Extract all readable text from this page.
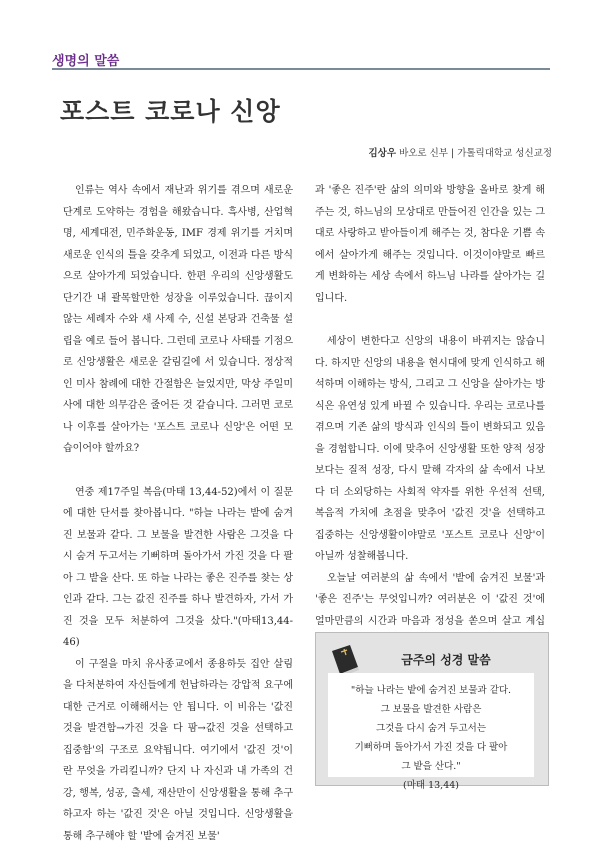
생명의 말씀
포스트 코로나 신앙
김상우 바오로 신부 | 가톨릭대학교 성신교정

인류는 역사 속에서 재난과 위기를 겪으며 새로운 단계로 도약하는 경험을 해왔습니다. 흑사병, 산업혁명, 세계대전, 민주화운동, IMF 경제 위기를 거치며 새로운 인식의 틀을 갖추게 되었고, 이전과 다른 방식으로 살아가게 되었습니다. 한편 우리의 신앙생활도 단기간 내 괄목할만한 성장을 이루었습니다. 끊이지 않는 세례자 수와 새 사제 수, 신설 본당과 건축물 설립을 예로 들어 봅니다. 그런데 코로나 사태를 기점으로 신앙생활은 새로운 갈림길에 서 있습니다. 정상적인 미사 참례에 대한 간절함은 늘었지만, 막상 주일미사에 대한 의무감은 줄어든 것 같습니다. 그러면 코로나 이후를 살아가는 '포스트 코로나 신앙'은 어떤 모습이어야 할까요?

연중 제17주일 복음(마태 13,44-52)에서 이 질문에 대한 단서를 찾아봅니다. "하늘 나라는 밭에 숨겨진 보물과 같다. 그 보물을 발견한 사람은 그것을 다시 숨겨 두고서는 기뻐하며 돌아가서 가진 것을 다 팔아 그 밭을 산다. 또 하늘 나라는 좋은 진주를 찾는 상인과 같다. 그는 값진 진주를 하나 발견하자, 가서 가진 것을 모두 처분하여 그것을 샀다."(마태13,44-46)

이 구절을 마치 유사종교에서 종용하듯 집안 살림을 다처분하여 자신들에게 헌납하라는 강압적 요구에 대한 근거로 이해해서는 안 됩니다. 이 비유는 '값진 것을 발견함→가진 것을 다 팜→값진 것을 선택하고 집중함'의 구조로 요약됩니다. 여기에서 '값진 것'이란 무엇을 가리킬니까? 단지 나 자신과 내 가족의 건강, 행복, 성공, 출세, 재산만이 신앙생활을 통해 추구하고자 하는 '값진 것'은 아닐 것입니다. 신앙생활을 통해 추구해야 할 '밭에 숨겨진 보물'

과 '좋은 진주'란 삶의 의미와 방향을 올바로 찾게 해주는 것, 하느님의 모상대로 만들어진 인간을 있는 그대로 사랑하고 받아들이게 해주는 것, 참다운 기쁨 속에서 살아가게 해주는 것입니다. 이것이야말로 빠르게 변화하는 세상 속에서 하느님 나라를 살아가는 길입니다.

세상이 변한다고 신앙의 내용이 바뀌지는 않습니다. 하지만 신앙의 내용을 현시대에 맞게 인식하고 해석하며 이해하는 방식, 그리고 그 신앙을 살아가는 방식은 유연성 있게 바뀔 수 있습니다. 우리는 코로나를 겪으며 기존 삶의 방식과 인식의 틀이 변화되고 있음을 경험합니다. 이에 맞추어 신앙생활 또한 양적 성장보다는 질적 성장, 다시 말해 각자의 삶 속에서 나보다 더 소외당하는 사회적 약자를 위한 우선적 선택, 복음적 가치에 초점을 맞추어 '값진 것'을 선택하고 집중하는 신앙생활이야말로 '포스트 코로나 신앙'이 아닐까 성찰해봅니다.

오늘날 여러분의 삶 속에서 '밭에 숨겨진 보물'과 '좋은 진주'는 무엇입니까? 여러분은 이 '값진 것'에 얼마만큼의 시간과 마음과 정성을 쏟으며 살고 계십

금주의 성경 말씀
"하늘 나라는 밭에 숨겨진 보물과 같다.
그 보물을 발견한 사람은
그것을 다시 숨겨 두고서는
기뻐하며 돌아가서 가진 것을 다 팔아
그 밭을 산다."
(마태 13,44)
